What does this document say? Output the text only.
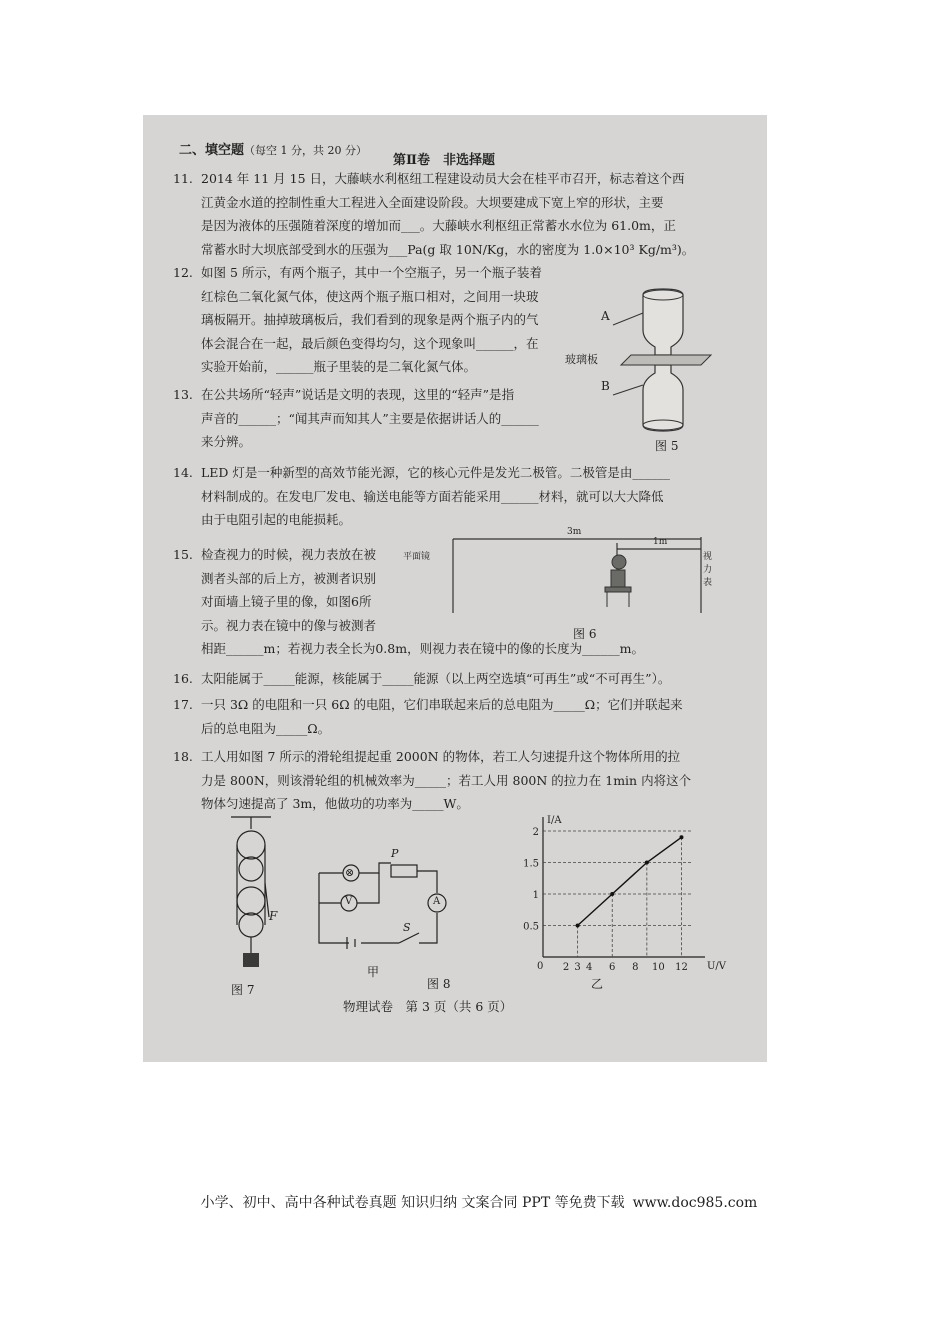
二、填空题（每空 1 分，共 20 分）
第Ⅱ卷　非选择题
11. 2014 年 11 月 15 日，大藤峡水利枢纽工程建设动员大会在桂平市召开，标志着这个西
江黄金水道的控制性重大工程进入全面建设阶段。大坝要建成下宽上窄的形状，主要
是因为液体的压强随着深度的增加而___。大藤峡水利枢纽正常蓄水水位为 61.0m，正
常蓄水时大坝底部受到水的压强为___Pa(g 取 10N/Kg，水的密度为 1.0×10³ Kg/m³)。
12. 如图 5 所示，有两个瓶子，其中一个空瓶子，另一个瓶子装着
红棕色二氧化氮气体，使这两个瓶子瓶口相对，之间用一块玻
璃板隔开。抽掉玻璃板后，我们看到的现象是两个瓶子内的气
体会混合在一起，最后颜色变得均匀，这个现象叫______，在
实验开始前，______瓶子里装的是二氧化氮气体。
13. 在公共场所“轻声”说话是文明的表现，这里的“轻声”是指
声音的______；“闻其声而知其人”主要是依据讲话人的______
来分辨。
14. LED 灯是一种新型的高效节能光源，它的核心元件是发光二极管。二极管是由______
材料制成的。在发电厂发电、输送电能等方面若能采用______材料，就可以大大降低
由于电阻引起的电能损耗。
15. 检查视力的时候，视力表放在被
测者头部的后上方，被测者识别
对面墙上镜子里的像，如图6所
示。视力表在镜中的像与被测者
相距______m；若视力表全长为0.8m，则视力表在镜中的像的长度为______m。
16. 太阳能属于_____能源，核能属于_____能源（以上两空选填“可再生”或“不可再生”）。
17. 一只 3Ω 的电阻和一只 6Ω 的电阻，它们串联起来后的总电阻为_____Ω；它们并联起来
后的总电阻为_____Ω。
18. 工人用如图 7 所示的滑轮组提起重 2000N 的物体，若工人匀速提升这个物体所用的拉
力是 800N，则该滑轮组的机械效率为_____；若工人用 800N 的拉力在 1min 内将这个
物体匀速提高了 3m，他做功的功率为_____W。
A
B
玻璃板
图 5
平面镜	视力表
3m
1m
图 6
F
图 7
⊗
V	A
P
S
甲
0.5
1
1.5
2
2 3 4 6 8 10 12
0	U/V
I/A
乙
图 8
物理试卷　第 3 页（共 6 页）
小学、初中、高中各种试卷真题 知识归纳 文案合同 PPT 等免费下载 www.doc985.com
